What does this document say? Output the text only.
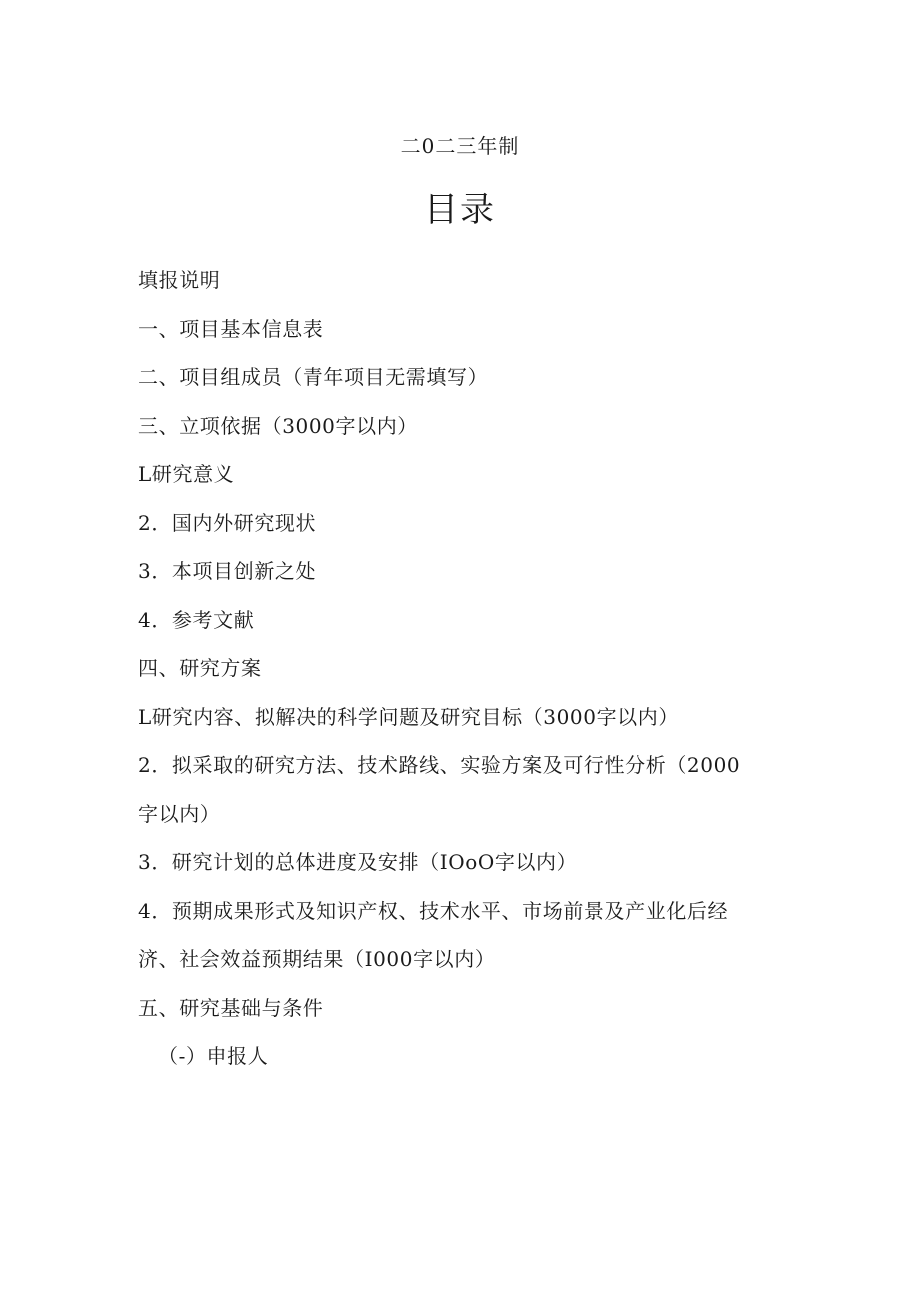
二0二三年制
目录
填报说明
一、项目基本信息表
二、项目组成员（青年项目无需填写）
三、立项依据（3000字以内）
L研究意义
2．国内外研究现状
3．本项目创新之处
4．参考文献
四、研究方案
L研究内容、拟解决的科学问题及研究目标（3000字以内）
2．拟采取的研究方法、技术路线、实验方案及可行性分析（2000
字以内）
3．研究计划的总体进度及安排（IOoO字以内）
4．预期成果形式及知识产权、技术水平、市场前景及产业化后经
济、社会效益预期结果（I000字以内）
五、研究基础与条件
（-）申报人
